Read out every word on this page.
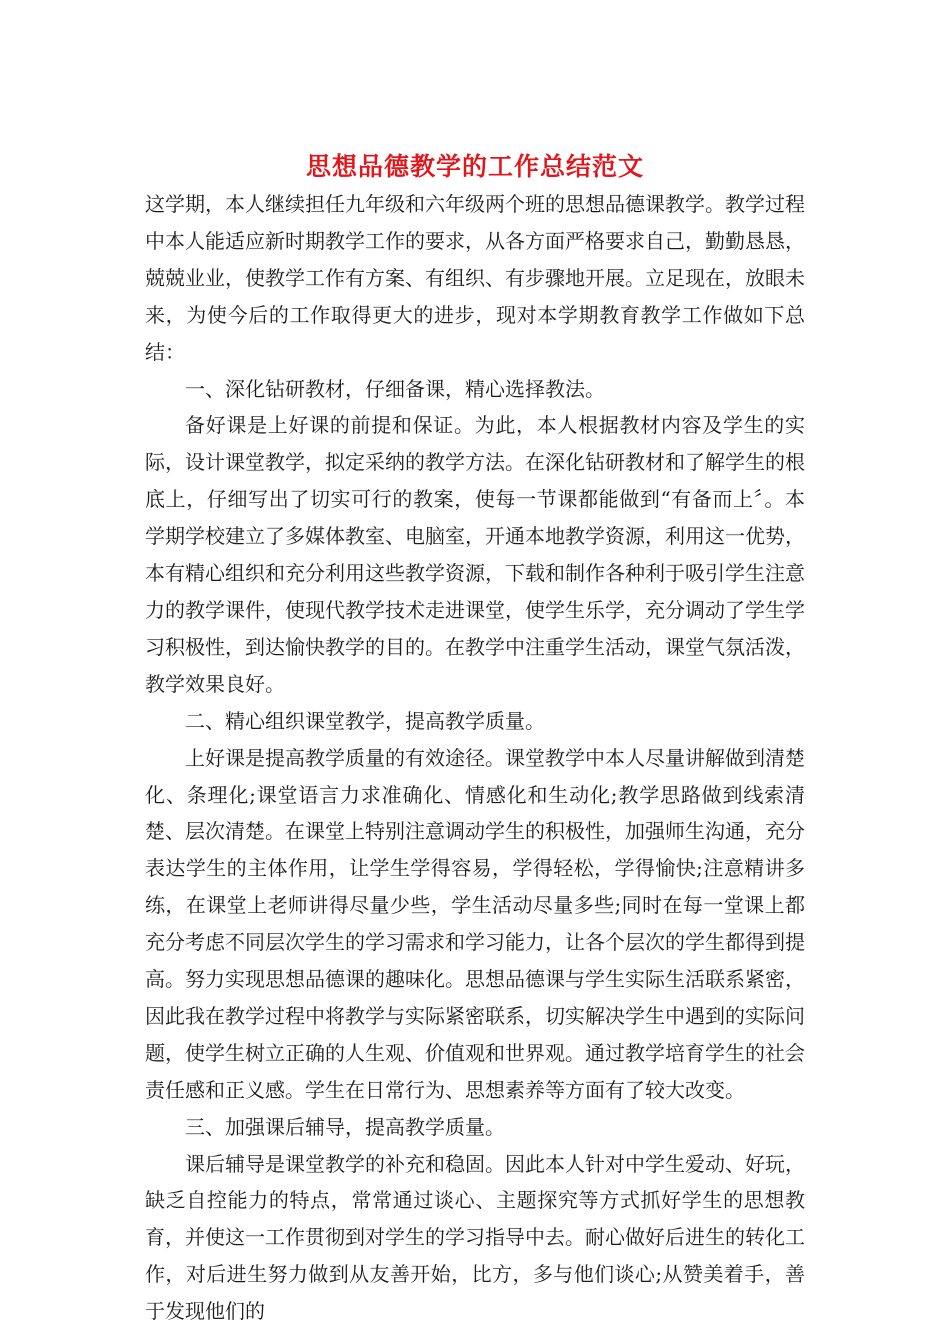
思想品德教学的工作总结范文

这学期，本人继续担任九年级和六年级两个班的思想品德课教学。教学过程中本人能适应新时期教学工作的要求，从各方面严格要求自己，勤勤恳恳，兢兢业业，使教学工作有方案、有组织、有步骤地开展。立足现在，放眼未来，为使今后的工作取得更大的进步，现对本学期教育教学工作做如下总结：

一、深化钻研教材，仔细备课，精心选择教法。

备好课是上好课的前提和保证。为此，本人根据教材内容及学生的实际，设计课堂教学，拟定采纳的教学方法。在深化钻研教材和了解学生的根底上，仔细写出了切实可行的教案，使每一节课都能做到“有备而上〞。本学期学校建立了多媒体教室、电脑室，开通本地教学资源，利用这一优势，本有精心组织和充分利用这些教学资源，下载和制作各种利于吸引学生注意力的教学课件，使现代教学技术走进课堂，使学生乐学，充分调动了学生学习积极性，到达愉快教学的目的。在教学中注重学生活动，课堂气氛活泼，教学效果良好。

二、精心组织课堂教学，提高教学质量。

上好课是提高教学质量的有效途径。课堂教学中本人尽量讲解做到清楚化、条理化;课堂语言力求准确化、情感化和生动化;教学思路做到线索清楚、层次清楚。在课堂上特别注意调动学生的积极性，加强师生沟通，充分表达学生的主体作用，让学生学得容易，学得轻松，学得愉快;注意精讲多练，在课堂上老师讲得尽量少些，学生活动尽量多些;同时在每一堂课上都充分考虑不同层次学生的学习需求和学习能力，让各个层次的学生都得到提高。努力实现思想品德课的趣味化。思想品德课与学生实际生活联系紧密，因此我在教学过程中将教学与实际紧密联系，切实解决学生中遇到的实际问题，使学生树立正确的人生观、价值观和世界观。通过教学培育学生的社会责任感和正义感。学生在日常行为、思想素养等方面有了较大改变。

三、加强课后辅导，提高教学质量。

课后辅导是课堂教学的补充和稳固。因此本人针对中学生爱动、好玩，缺乏自控能力的特点，常常通过谈心、主题探究等方式抓好学生的思想教育，并使这一工作贯彻到对学生的学习指导中去。耐心做好后进生的转化工作，对后进生努力做到从友善开始，比方，多与他们谈心;从赞美着手，善于发现他们的
